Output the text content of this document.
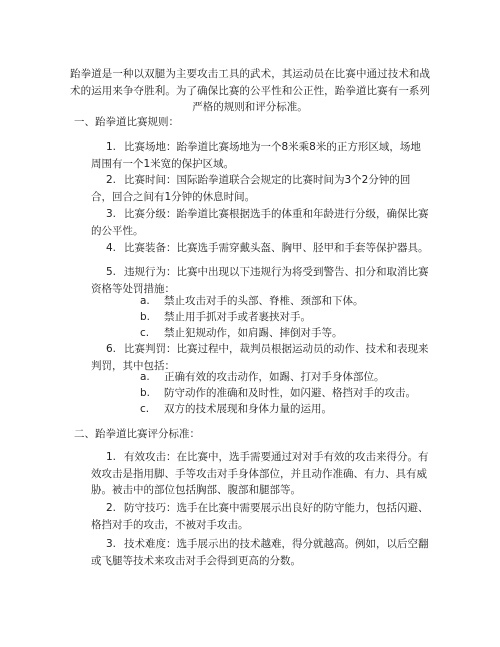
跆拳道是一种以双腿为主要攻击工具的武术，其运动员在比赛中通过技术和战术的运用来争夺胜利。为了确保比赛的公平性和公正性，跆拳道比赛有一系列严格的规则和评分标准。
一、跆拳道比赛规则：
1. 比赛场地：跆拳道比赛场地为一个8米乘8米的正方形区域，场地周围有一个1米宽的保护区域。
2. 比赛时间：国际跆拳道联合会规定的比赛时间为3个2分钟的回合，回合之间有1分钟的休息时间。
3. 比赛分级：跆拳道比赛根据选手的体重和年龄进行分级，确保比赛的公平性。
4. 比赛装备：比赛选手需穿戴头盔、胸甲、胫甲和手套等保护器具。
5. 违规行为：比赛中出现以下违规行为将受到警告、扣分和取消比赛资格等处罚措施：
a. 禁止攻击对手的头部、脊椎、颈部和下体。
b. 禁止用手抓对手或者裹挟对手。
c. 禁止犯规动作，如肩踢、摔倒对手等。
6. 比赛判罚：比赛过程中，裁判员根据运动员的动作、技术和表现来判罚，其中包括：
a. 正确有效的攻击动作，如踢、打对手身体部位。
b. 防守动作的准确和及时性，如闪避、格挡对手的攻击。
c. 双方的技术展现和身体力量的运用。
二、跆拳道比赛评分标准：
1. 有效攻击：在比赛中，选手需要通过对对手有效的攻击来得分。有效攻击是指用脚、手等攻击对手身体部位，并且动作准确、有力、具有威胁。被击中的部位包括胸部、腹部和腿部等。
2. 防守技巧：选手在比赛中需要展示出良好的防守能力，包括闪避、格挡对手的攻击，不被对手攻击。
3. 技术难度：选手展示出的技术越难，得分就越高。例如，以后空翻或飞腿等技术来攻击对手会得到更高的分数。
